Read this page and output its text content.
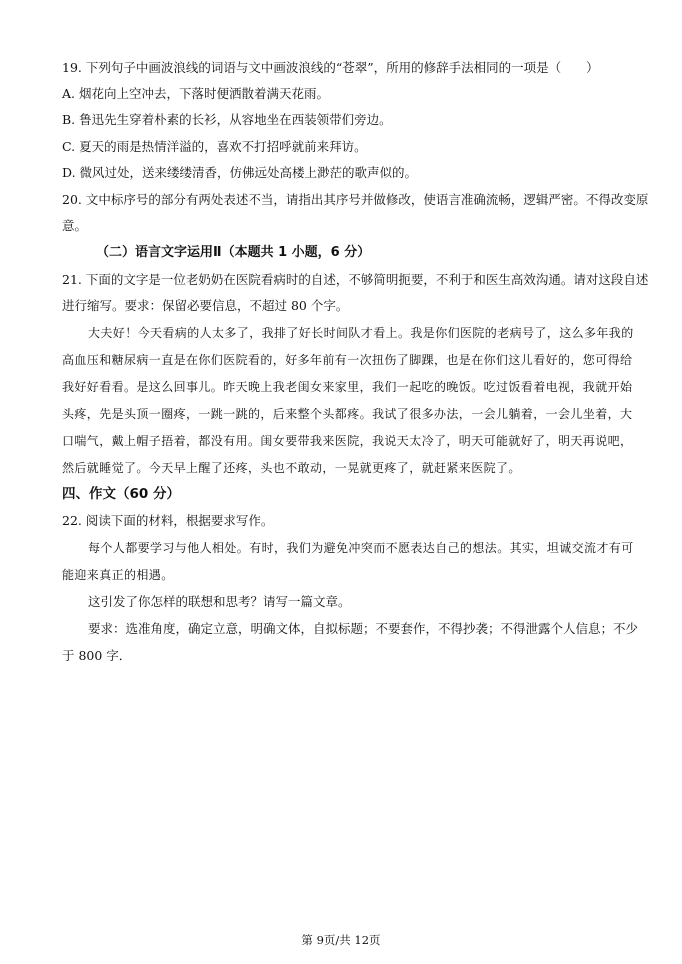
19. 下列句子中画波浪线的词语与文中画波浪线的“苍翠”，所用的修辞手法相同的一项是（　　）
A. 烟花向上空冲去，下落时便洒散着满天花雨。
B. 鲁迅先生穿着朴素的长衫，从容地坐在西装领带们旁边。
C. 夏天的雨是热情洋溢的，喜欢不打招呼就前来拜访。
D. 微风过处，送来缕缕清香，仿佛远处高楼上渺茫的歌声似的。
20. 文中标序号的部分有两处表述不当，请指出其序号并做修改，使语言准确流畅，逻辑严密。不得改变原
意。
（二）语言文字运用Ⅱ（本题共 1 小题，6 分）
21. 下面的文字是一位老奶奶在医院看病时的自述，不够简明扼要，不利于和医生高效沟通。请对这段自述
进行缩写。要求：保留必要信息，不超过 80 个字。
大夫好！今天看病的人太多了，我排了好长时间队才看上。我是你们医院的老病号了，这么多年我的
高血压和糖尿病一直是在你们医院看的，好多年前有一次扭伤了脚踝，也是在你们这儿看好的，您可得给
我好好看看。是这么回事儿。昨天晚上我老闺女来家里，我们一起吃的晚饭。吃过饭看着电视，我就开始
头疼，先是头顶一圈疼，一跳一跳的，后来整个头都疼。我试了很多办法，一会儿躺着，一会儿坐着，大
口喘气，戴上帽子捂着，都没有用。闺女要带我来医院，我说天太冷了，明天可能就好了，明天再说吧，
然后就睡觉了。今天早上醒了还疼，头也不敢动，一晃就更疼了，就赶紧来医院了。
四、作文（60 分）
22. 阅读下面的材料，根据要求写作。
每个人都要学习与他人相处。有时，我们为避免冲突而不愿表达自己的想法。其实，坦诚交流才有可
能迎来真正的相遇。
这引发了你怎样的联想和思考？请写一篇文章。
要求：选准角度，确定立意，明确文体，自拟标题；不要套作，不得抄袭；不得泄露个人信息；不少
于 800 字．
第 9页/共 12页
